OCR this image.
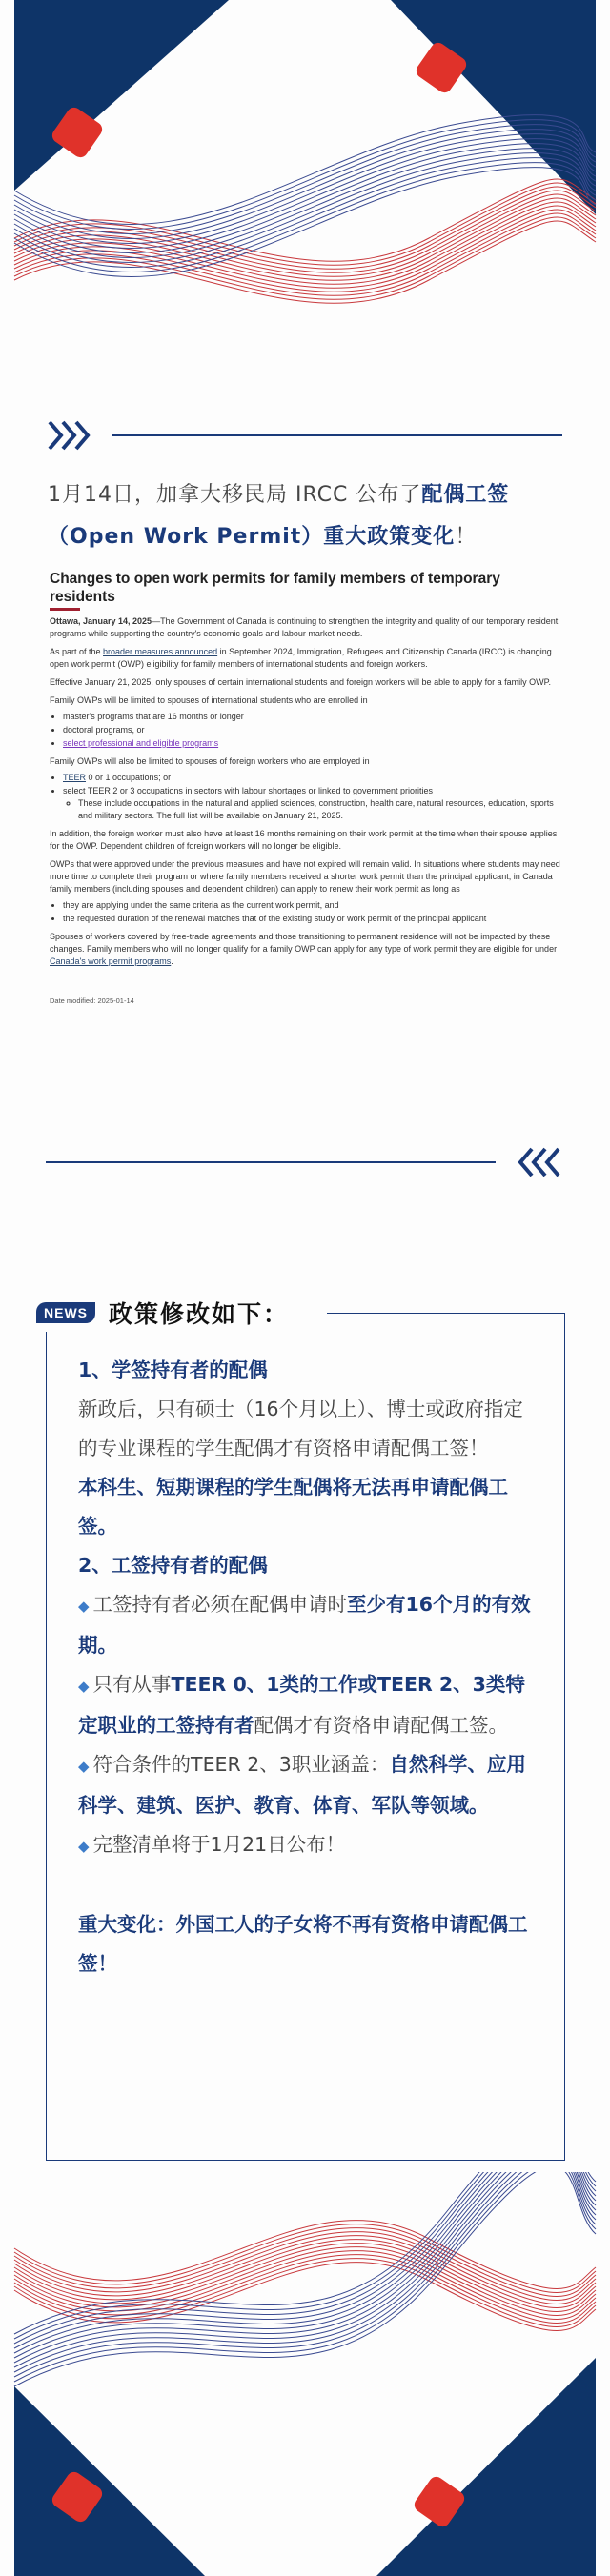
1月14日，加拿大移民局 IRCC 公布了配偶工签（Open Work Permit）重大政策变化！
Changes to open work permits for family members of temporary residents

Ottawa, January 14, 2025—The Government of Canada is continuing to strengthen the integrity and quality of our temporary resident programs while supporting the country's economic goals and labour market needs.

As part of the broader measures announced in September 2024, Immigration, Refugees and Citizenship Canada (IRCC) is changing open work permit (OWP) eligibility for family members of international students and foreign workers.

Effective January 21, 2025, only spouses of certain international students and foreign workers will be able to apply for a family OWP.

Family OWPs will be limited to spouses of international students who are enrolled in

• master's programs that are 16 months or longer
• doctoral programs, or
• select professional and eligible programs

Family OWPs will also be limited to spouses of foreign workers who are employed in

• TEER 0 or 1 occupations; or
• select TEER 2 or 3 occupations in sectors with labour shortages or linked to government priorities
◦ These include occupations in the natural and applied sciences, construction, health care, natural resources, education, sports and military sectors. The full list will be available on January 21, 2025.

In addition, the foreign worker must also have at least 16 months remaining on their work permit at the time when their spouse applies for the OWP. Dependent children of foreign workers will no longer be eligible.

OWPs that were approved under the previous measures and have not expired will remain valid. In situations where students may need more time to complete their program or where family members received a shorter work permit than the principal applicant, in Canada family members (including spouses and dependent children) can apply to renew their work permit as long as

• they are applying under the same criteria as the current work permit, and
• the requested duration of the renewal matches that of the existing study or work permit of the principal applicant

Spouses of workers covered by free-trade agreements and those transitioning to permanent residence will not be impacted by these changes. Family members who will no longer qualify for a family OWP can apply for any type of work permit they are eligible for under Canada's work permit programs.

Date modified: 2025-01-14
NEWS 政策修改如下：
1、学签持有者的配偶
新政后，只有硕士（16个月以上）、博士或政府指定的专业课程的学生配偶才有资格申请配偶工签！
本科生、短期课程的学生配偶将无法再申请配偶工签。
2、工签持有者的配偶
◆ 工签持有者必须在配偶申请时至少有16个月的有效期。
◆ 只有从事TEER 0、1类的工作或TEER 2、3类特定职业的工签持有者配偶才有资格申请配偶工签。
◆ 符合条件的TEER 2、3职业涵盖：自然科学、应用科学、建筑、医护、教育、体育、军队等领域。
◆ 完整清单将于1月21日公布！
重大变化：外国工人的子女将不再有资格申请配偶工签！
